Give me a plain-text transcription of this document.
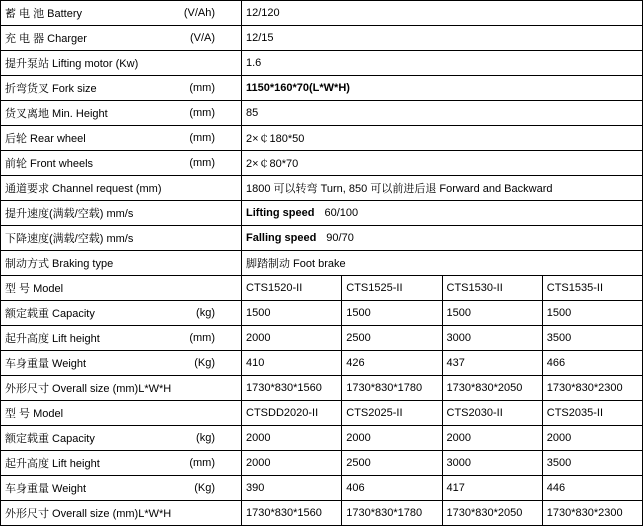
蓄 电 池 Battery (V/Ah)	12/120			

充 电 器 Charger (V/A)	12/15			

提升泵站 Lifting motor (Kw)	1.6			

折弯货叉 Fork size (mm)	1150*160*70(L*W*H)			

货叉离地 Min. Height (mm)	85			

后轮 Rear wheel (mm)	2×￠180*50			

前轮 Front wheels (mm)	2×￠80*70			

通道要求 Channel request (mm)	1800 可以转弯 Turn, 850 可以前进后退 Forward and Backward			

提升速度(满载/空载) mm/s	Lifting speed 60/100			

下降速度(满载/空载) mm/s	Falling speed 90/70			

制动方式 Braking type	脚踏制动 Foot brake			

型 号 Model	CTS1520-II	CTS1525-II	CTS1530-II	CTS1535-II

额定载重 Capacity (kg)	1500	1500	1500	1500

起升高度 Lift height (mm)	2000	2500	3000	3500

车身重量 Weight (Kg)	410	426	437	466

外形尺寸 Overall size (mm)L*W*H	1730*830*1560	1730*830*1780	1730*830*2050	1730*830*2300

型 号 Model	CTSDD2020-II	CTS2025-II	CTS2030-II	CTS2035-II

额定载重 Capacity (kg)	2000	2000	2000	2000

起升高度 Lift height (mm)	2000	2500	3000	3500

车身重量 Weight (Kg)	390	406	417	446

外形尺寸 Overall size (mm)L*W*H	1730*830*1560	1730*830*1780	1730*830*2050	1730*830*2300
